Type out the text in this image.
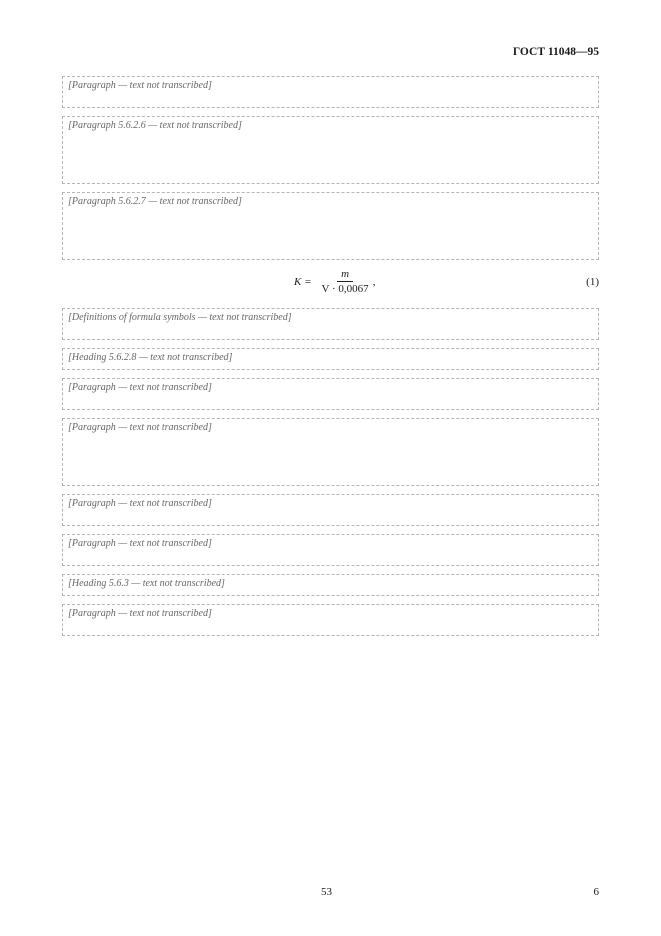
ГОСТ 11048—95
[Paragraph — text not transcribed]
[Paragraph 5.6.2.6 — text not transcribed]
[Paragraph 5.6.2.7 — text not transcribed]
$K = \frac{m}{V \cdot 0,0067}$ ,	(1)
[Definitions of formula symbols — text not transcribed]
[Heading 5.6.2.8 — text not transcribed]
[Paragraph — text not transcribed]
[Paragraph — text not transcribed]
[Paragraph — text not transcribed]
[Paragraph — text not transcribed]
[Heading 5.6.3 — text not transcribed]
[Paragraph — text not transcribed]
53	6
